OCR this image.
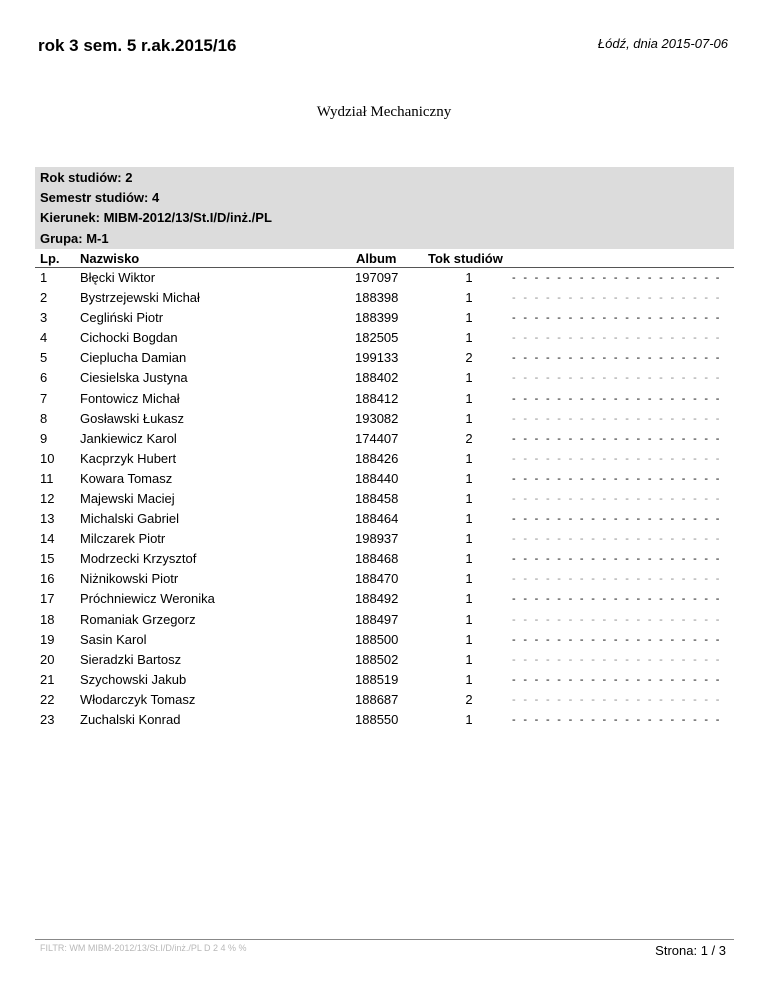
rok 3 sem. 5 r.ak.2015/16	Łódź, dnia 2015-07-06
Wydział Mechaniczny
Rok studiów: 2
Semestr studiów: 4
Kierunek: MIBM-2012/13/St.I/D/inż./PL
Grupa: M-1
Lp. Nazwisko	Album Tok studiów
1	Błęcki Wiktor	197097	1	- - - - - - - - - - - - - - - - - - -
2	Bystrzejewski Michał	188398	1	- - - - - - - - - - - - - - - - - - -
3	Cegliński Piotr	188399	1	- - - - - - - - - - - - - - - - - - -
4	Cichocki Bogdan	182505	1	- - - - - - - - - - - - - - - - - - -
5	Cieplucha Damian	199133	2	- - - - - - - - - - - - - - - - - - -
6	Ciesielska Justyna	188402	1	- - - - - - - - - - - - - - - - - - -
7	Fontowicz Michał	188412	1	- - - - - - - - - - - - - - - - - - -
8	Gosławski Łukasz	193082	1	- - - - - - - - - - - - - - - - - - -
9	Jankiewicz Karol	174407	2	- - - - - - - - - - - - - - - - - - -
10 Kacprzyk Hubert	188426	1	- - - - - - - - - - - - - - - - - - -
11 Kowara Tomasz	188440	1	- - - - - - - - - - - - - - - - - - -
12 Majewski Maciej	188458	1	- - - - - - - - - - - - - - - - - - -
13 Michalski Gabriel	188464	1	- - - - - - - - - - - - - - - - - - -
14 Milczarek Piotr	198937	1	- - - - - - - - - - - - - - - - - - -
15 Modrzecki Krzysztof	188468	1	- - - - - - - - - - - - - - - - - - -
16 Niżnikowski Piotr	188470	1	- - - - - - - - - - - - - - - - - - -
17 Próchniewicz Weronika	188492	1	- - - - - - - - - - - - - - - - - - -
18 Romaniak Grzegorz	188497	1	- - - - - - - - - - - - - - - - - - -
19 Sasin Karol	188500	1	- - - - - - - - - - - - - - - - - - -
20 Sieradzki Bartosz	188502	1	- - - - - - - - - - - - - - - - - - -
21 Szychowski Jakub	188519	1	- - - - - - - - - - - - - - - - - - -
22 Włodarczyk Tomasz	188687	2	- - - - - - - - - - - - - - - - - - -
23 Zuchalski Konrad	188550	1	- - - - - - - - - - - - - - - - - - -
FILTR: WM MIBM-2012/13/St.I/D/inż./PL D 2 4 % %	Strona: 1 / 3
